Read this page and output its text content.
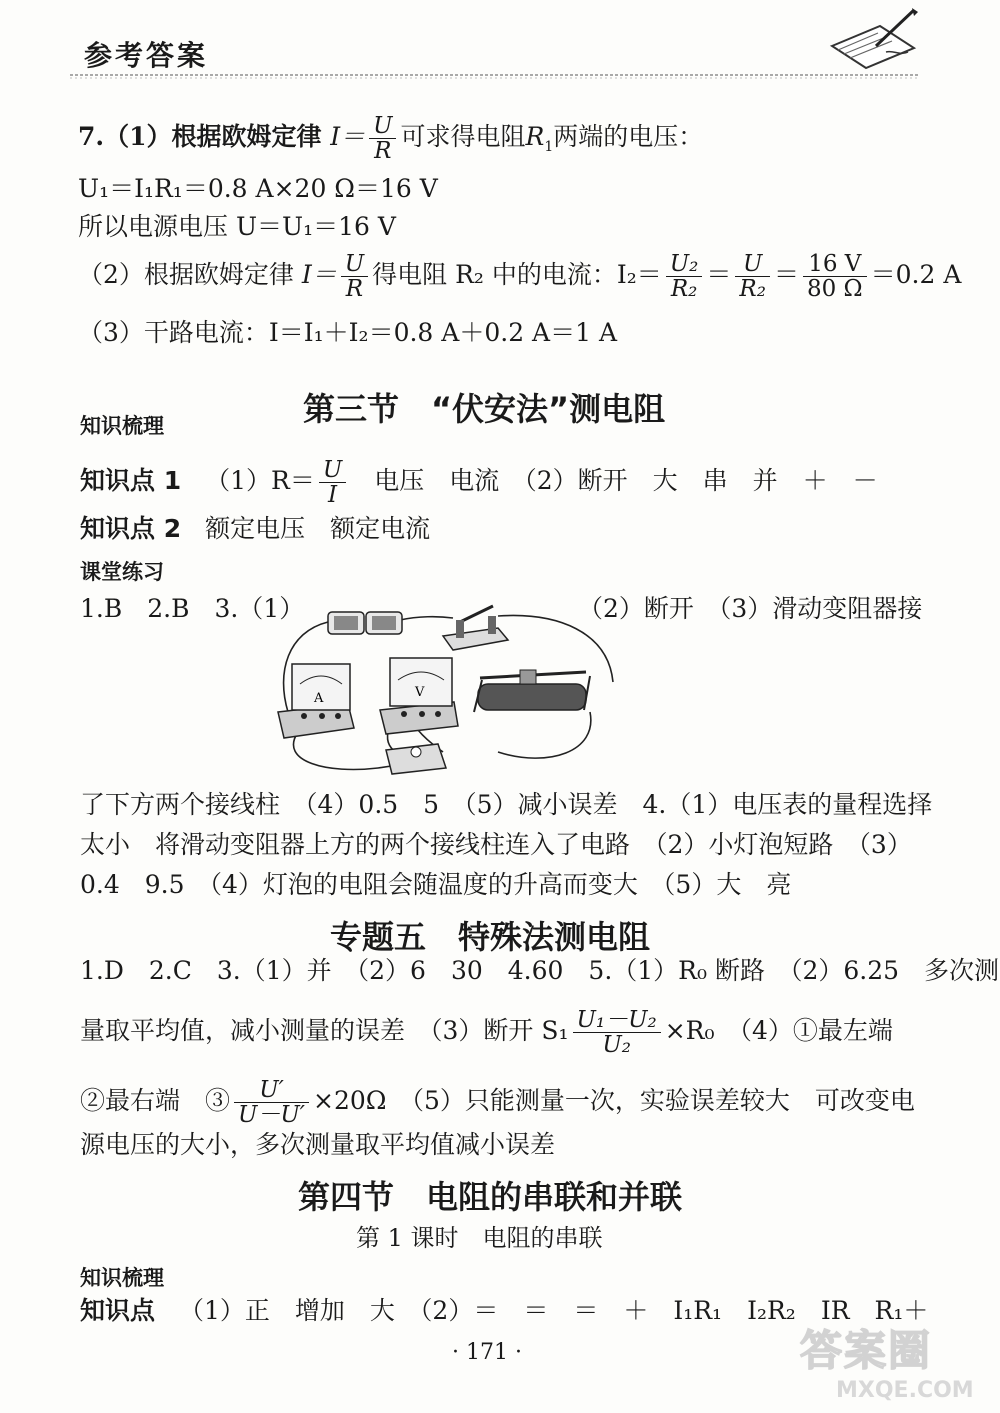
参考答案
7.（1）根据欧姆定律 $I= \frac{U}{R}$ 可求得电阻$R_1$两端的电压：
U₁＝I₁R₁＝0.8 A×20 Ω＝16 V
所以电源电压 U＝U₁＝16 V
（2）根据欧姆定律 $I= \frac{U}{R}$ 得电阻 R₂ 中的电流：$I_2= \frac{\text{U₂}}{\text{R₂}} = \frac{U}{\text{R₂}} = \frac{16 V}{80 \Omega} =0.2$ A
（3）干路电流：I＝I₁＋I₂＝0.8 A＋0.2 A＝1 A
第三节　“伏安法”测电阻
知识梳理
知识点 1 $(1)R= \frac{U}{I}$ 电压　电流　（2）断开　大　串　并　＋　－
知识点 2 额定电压　额定电流
课堂练习
1.B　2.B　3.（1）	（2）断开　（3）滑动变阻器接
A	V
了下方两个接线柱　（4）0.5　5　（5）减小误差　4.（1）电压表的量程选择
太小　将滑动变阻器上方的两个接线柱连入了电路　（2）小灯泡短路　（3）
0.4　9.5　（4）灯泡的电阻会随温度的升高而变大　（5）大　亮
专题五　特殊法测电阻
1.D　2.C　3.（1）并　（2）6　30　4.60　5.（1）R₀ 断路　（2）6.25　多次测
量取平均值，减小测量的误差　（3）断开 $S_1 \frac{\text{U₁－U₂}}{\text{U₂}} \times R_0$　（4）①最左端
②最右端　③ $\frac{U'}{U-U'} \times 20\Omega$　（5）只能测量一次，实验误差较大　可改变电
源电压的大小，多次测量取平均值减小误差
第四节　电阻的串联和并联
第 1 课时　电阻的串联
知识梳理
知识点 （1）正　增加　大　（2）＝　＝　＝　＋　I₁R₁　I₂R₂　IR　R₁＋
· 171 ·	答案圈
MXQE.COM
